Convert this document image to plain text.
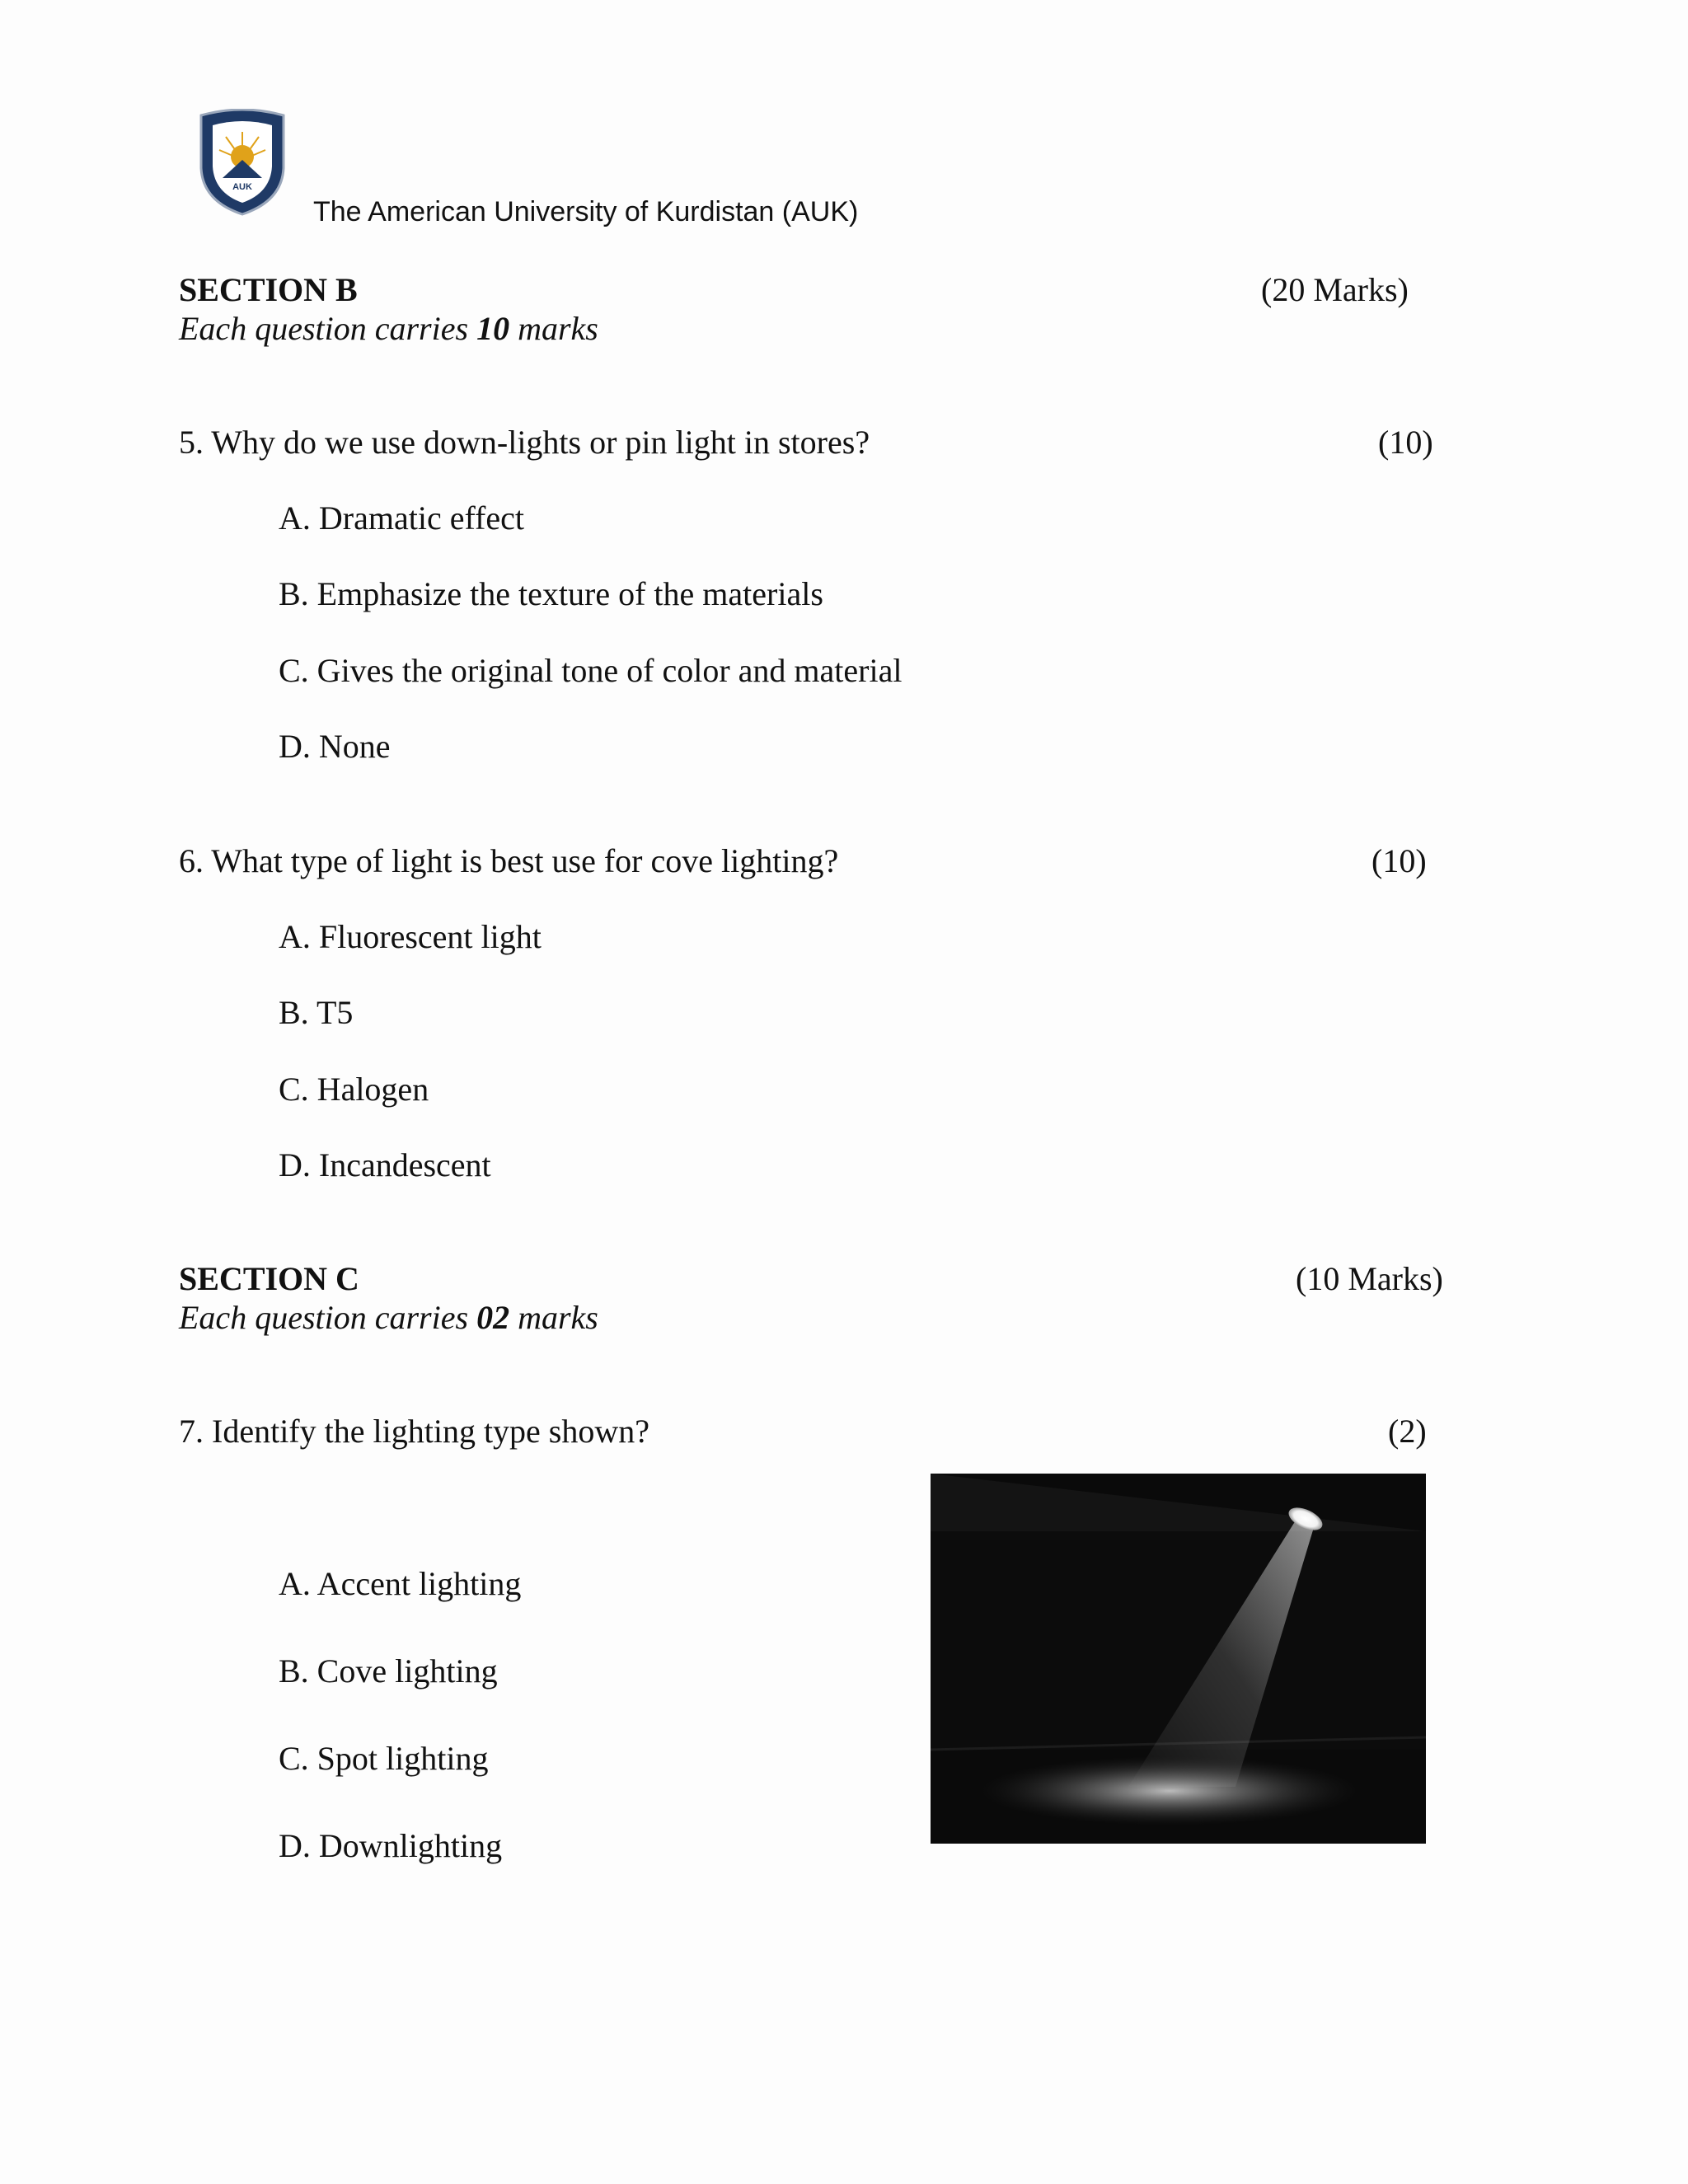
AUK
The American University of Kurdistan (AUK)
SECTION B	(20 Marks)
Each question carries 10 marks
5. Why do we use down-lights or pin light in stores?	(10)
A. Dramatic effect
B. Emphasize the texture of the materials
C. Gives the original tone of color and material
D. None
6. What type of light is best use for cove lighting?	(10)
A. Fluorescent light
B. T5
C. Halogen
D. Incandescent
SECTION C	(10 Marks)
Each question carries 02 marks
7. Identify the lighting type shown?	(2)
A. Accent lighting
B. Cove lighting
C. Spot lighting
D. Downlighting
